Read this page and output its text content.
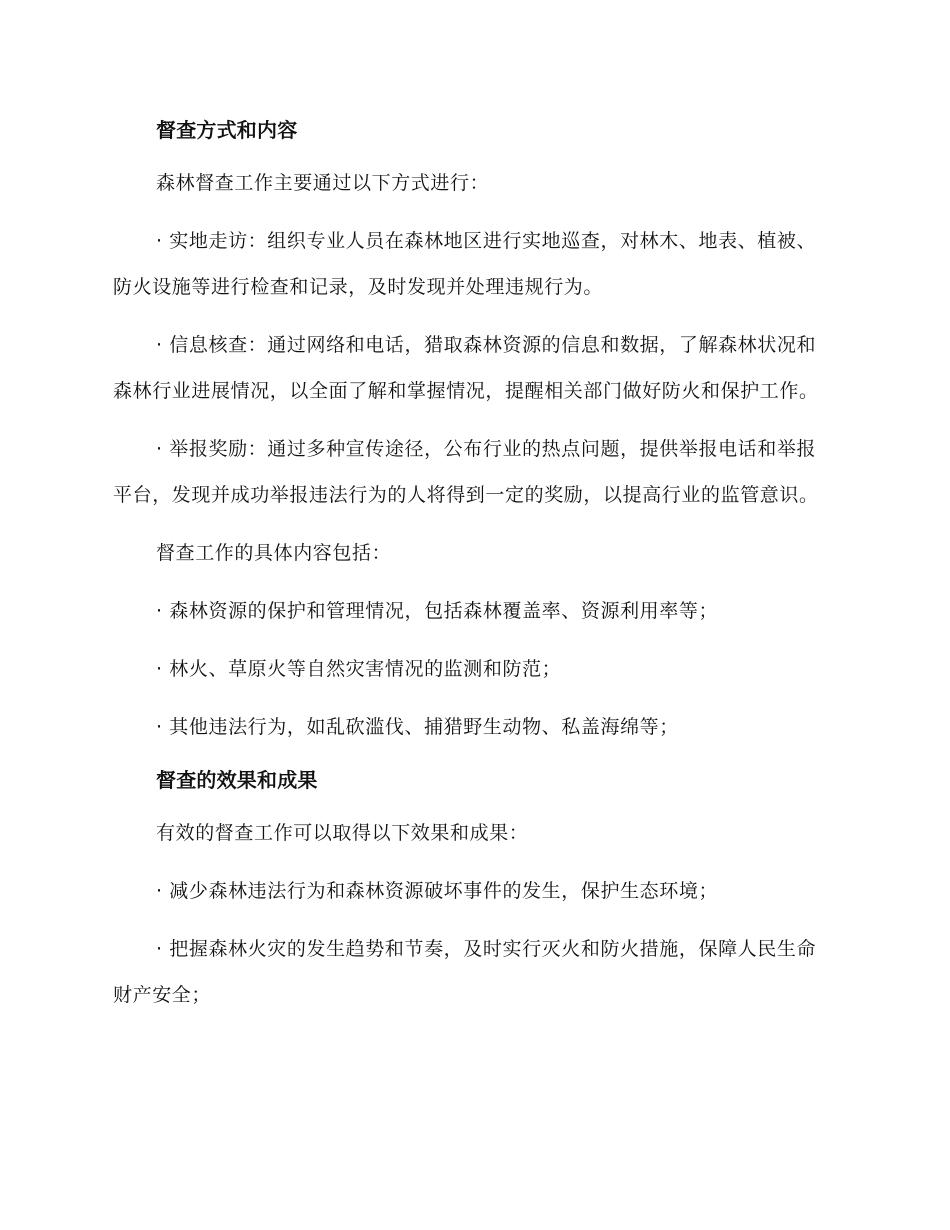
督查方式和内容

森林督查工作主要通过以下方式进行：

· 实地走访：组织专业人员在森林地区进行实地巡查，对林木、地表、植被、防火设施等进行检查和记录，及时发现并处理违规行为。

· 信息核查：通过网络和电话，猎取森林资源的信息和数据，了解森林状况和森林行业进展情况，以全面了解和掌握情况，提醒相关部门做好防火和保护工作。

· 举报奖励：通过多种宣传途径，公布行业的热点问题，提供举报电话和举报平台，发现并成功举报违法行为的人将得到一定的奖励，以提高行业的监管意识。

督查工作的具体内容包括：

· 森林资源的保护和管理情况，包括森林覆盖率、资源利用率等；

· 林火、草原火等自然灾害情况的监测和防范；

· 其他违法行为，如乱砍滥伐、捕猎野生动物、私盖海绵等；

督查的效果和成果

有效的督查工作可以取得以下效果和成果：

· 减少森林违法行为和森林资源破坏事件的发生，保护生态环境；

· 把握森林火灾的发生趋势和节奏，及时实行灭火和防火措施，保障人民生命财产安全；
